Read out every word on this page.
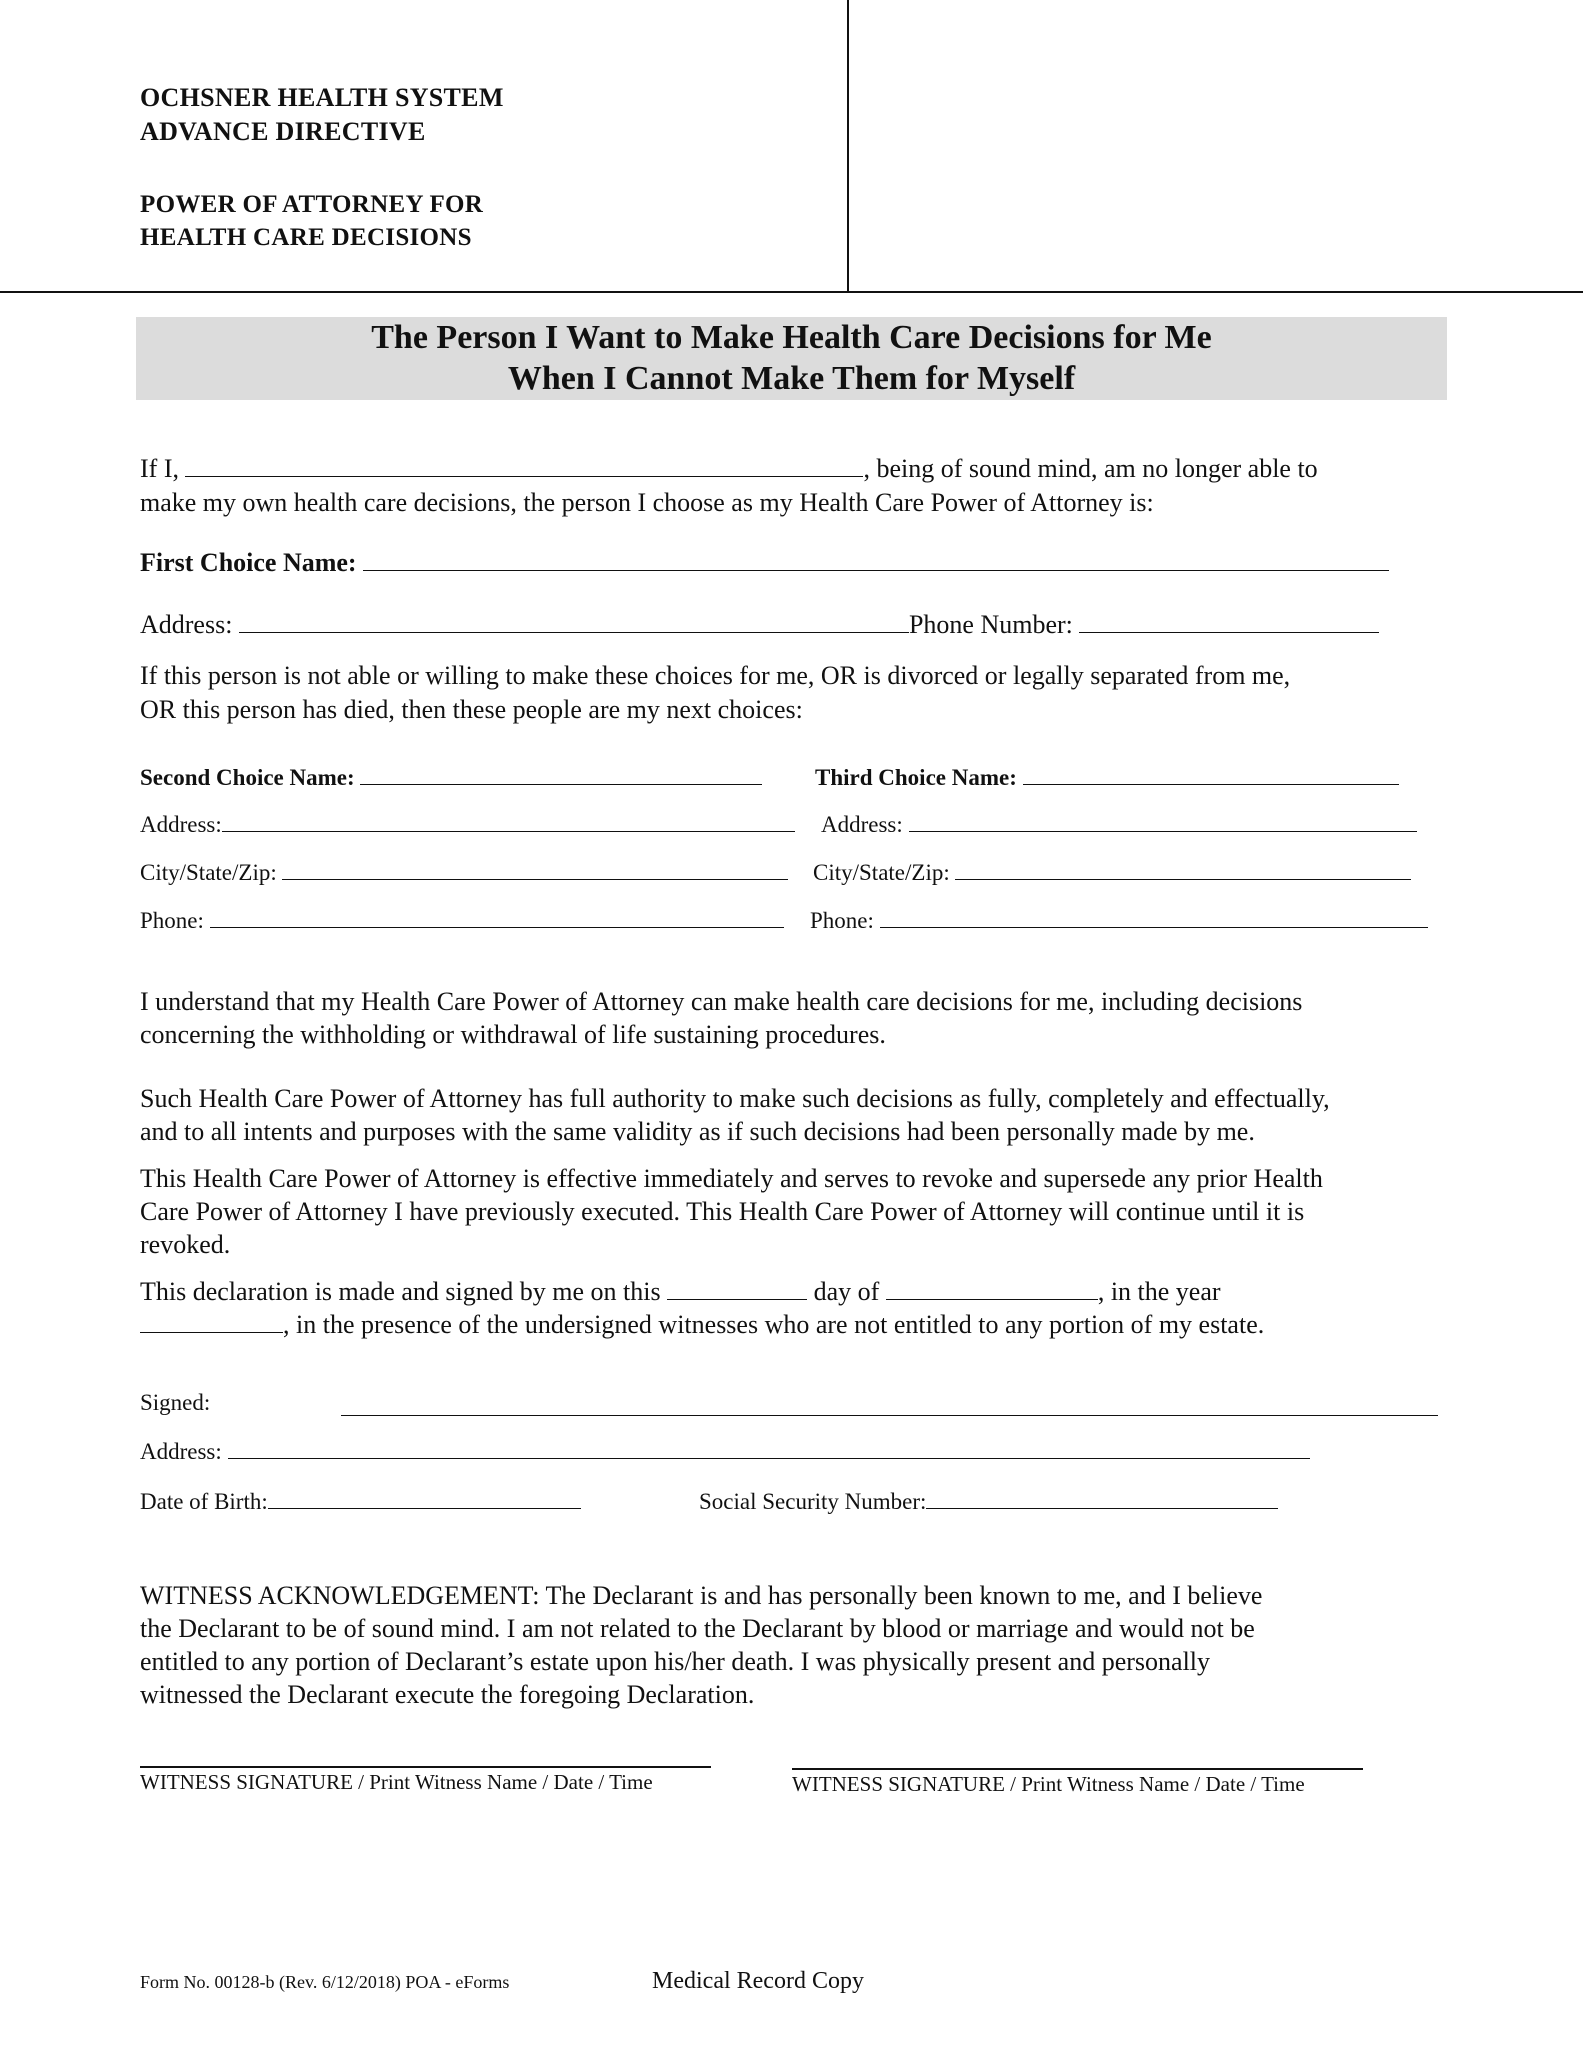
OCHSNER HEALTH SYSTEM
ADVANCE DIRECTIVE
POWER OF ATTORNEY FOR
HEALTH CARE DECISIONS
The Person I Want to Make Health Care Decisions for Me
When I Cannot Make Them for Myself
If I,	, being of sound mind, am no longer able to
make my own health care decisions, the person I choose as my Health Care Power of Attorney is:
First Choice Name:
Address:	Phone Number:
If this person is not able or willing to make these choices for me, OR is divorced or legally separated from me,
OR this person has died, then these people are my next choices:
Second Choice Name:
Address:
City/State/Zip:
Phone:
Third Choice Name:
Address:
City/State/Zip:
Phone:
I understand that my Health Care Power of Attorney can make health care decisions for me, including decisions
concerning the withholding or withdrawal of life sustaining procedures.
Such Health Care Power of Attorney has full authority to make such decisions as fully, completely and effectually,
and to all intents and purposes with the same validity as if such decisions had been personally made by me.
This Health Care Power of Attorney is effective immediately and serves to revoke and supersede any prior Health
Care Power of Attorney I have previously executed. This Health Care Power of Attorney will continue until it is
revoked.
This declaration is made and signed by me on this	day of	, in the year
, in the presence of the undersigned witnesses who are not entitled to any portion of my estate.
Signed:
Address:
Date of Birth:	Social Security Number:
WITNESS ACKNOWLEDGEMENT: The Declarant is and has personally been known to me, and I believe
the Declarant to be of sound mind. I am not related to the Declarant by blood or marriage and would not be
entitled to any portion of Declarant’s estate upon his/her death. I was physically present and personally
witnessed the Declarant execute the foregoing Declaration.
WITNESS SIGNATURE / Print Witness Name / Date / Time	WITNESS SIGNATURE / Print Witness Name / Date / Time
Form No. 00128-b (Rev. 6/12/2018) POA - eForms	Medical Record Copy
